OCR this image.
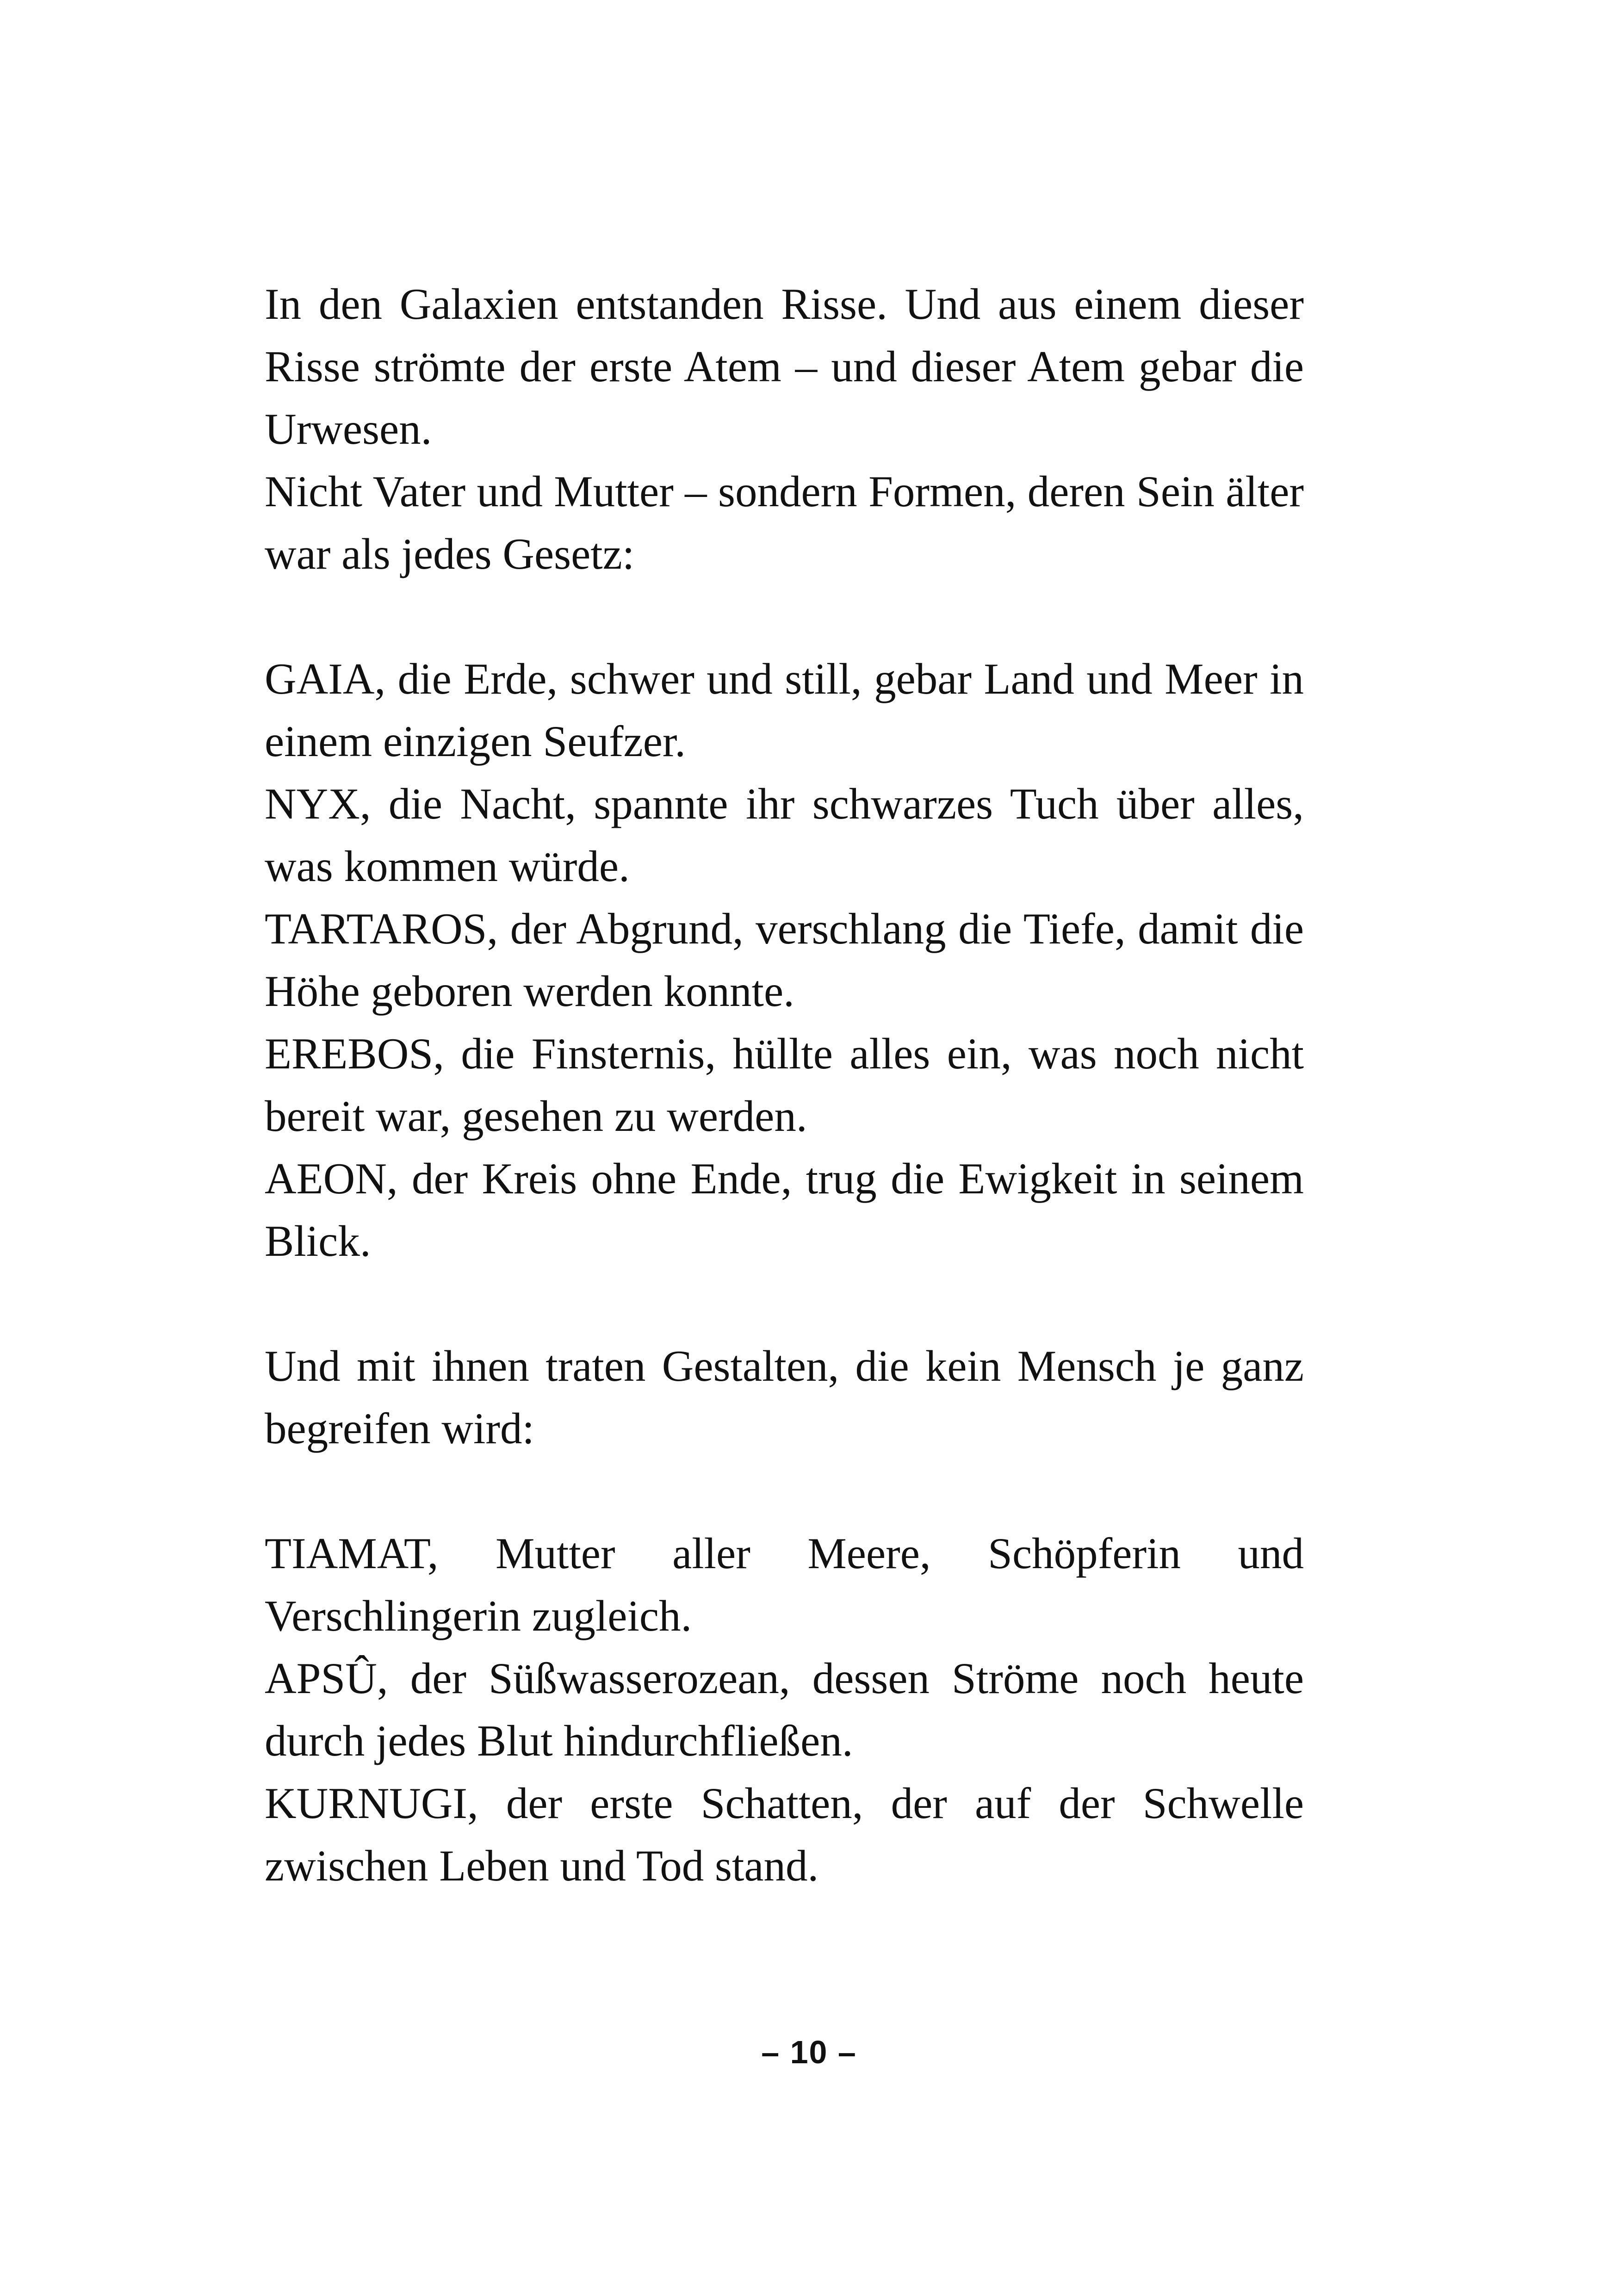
In den Galaxien entstanden Risse. Und aus einem dieser Risse strömte der erste Atem – und dieser Atem gebar die Urwesen.

Nicht Vater und Mutter – sondern Formen, deren Sein älter war als jedes Gesetz:

GAIA, die Erde, schwer und still, gebar Land und Meer in einem einzigen Seufzer.

NYX, die Nacht, spannte ihr schwarzes Tuch über alles, was kommen würde.

TARTAROS, der Abgrund, verschlang die Tiefe, damit die Höhe geboren werden konnte.

EREBOS, die Finsternis, hüllte alles ein, was noch nicht bereit war, gesehen zu werden.

AEON, der Kreis ohne Ende, trug die Ewigkeit in seinem Blick.

Und mit ihnen traten Gestalten, die kein Mensch je ganz begreifen wird:

TIAMAT, Mutter aller Meere, Schöpferin und Verschlingerin zugleich.

APSÛ, der Süßwasserozean, dessen Ströme noch heute durch jedes Blut hindurchfließen.

KURNUGI, der erste Schatten, der auf der Schwelle zwischen Leben und Tod stand.

– 10 –
